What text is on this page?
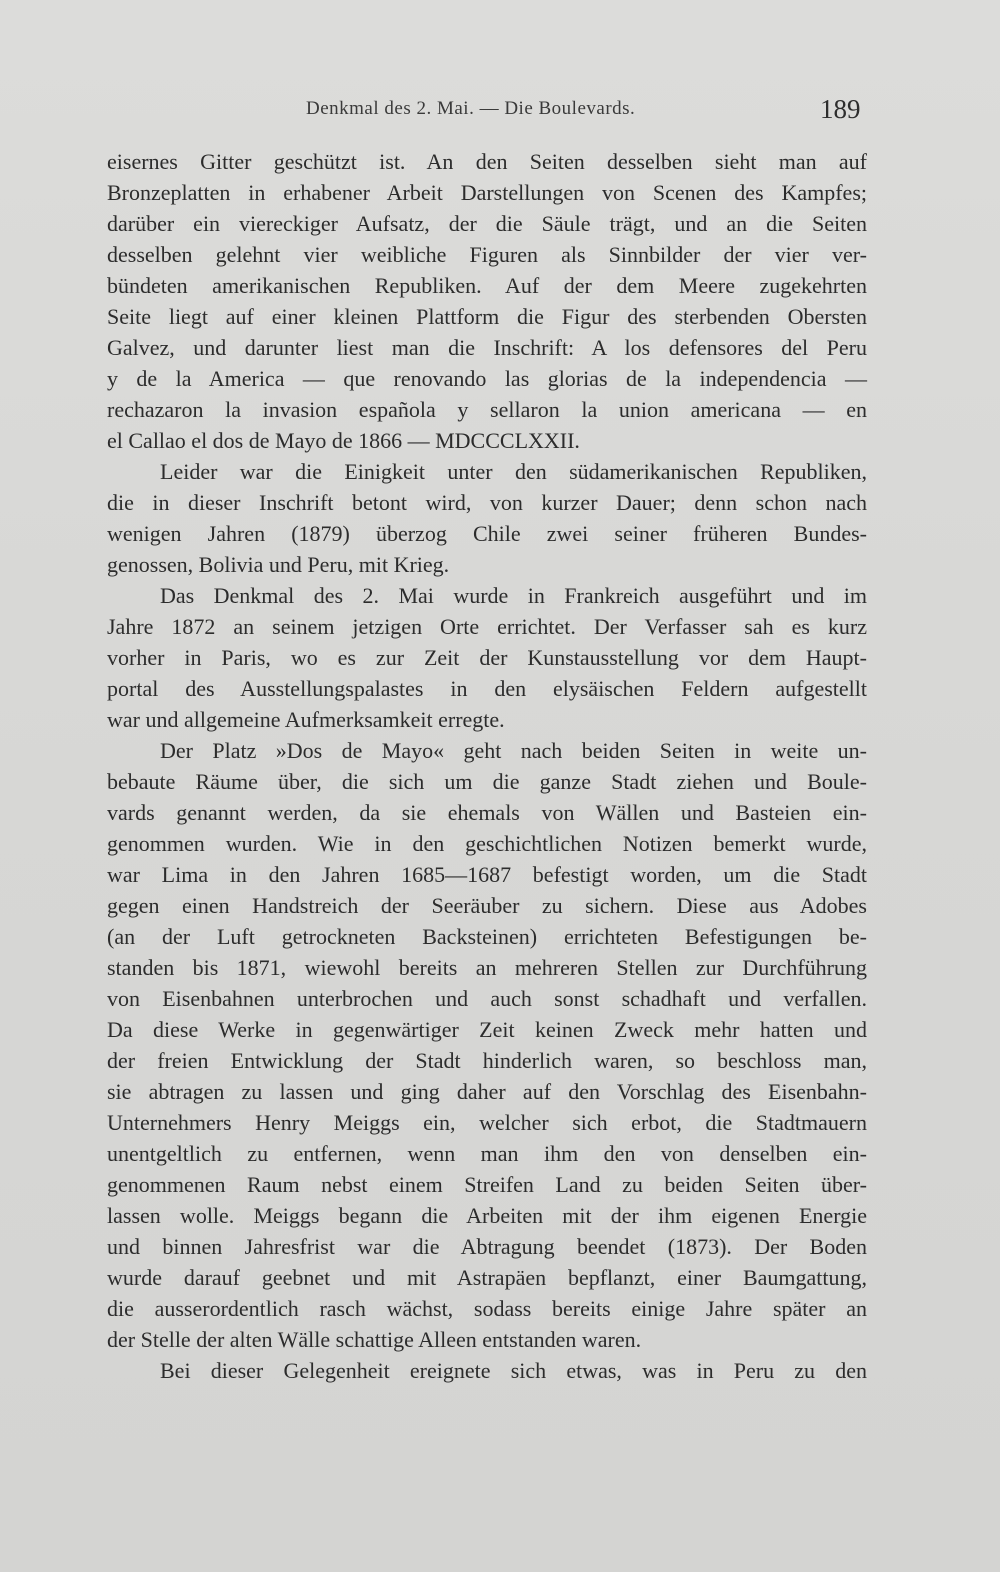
Denkmal des 2. Mai. — Die Boulevards.	189
eisernes Gitter geschützt ist. An den Seiten desselben sieht man auf
Bronzeplatten in erhabener Arbeit Darstellungen von Scenen des Kampfes;
darüber ein viereckiger Aufsatz, der die Säule trägt, und an die Seiten
desselben gelehnt vier weibliche Figuren als Sinnbilder der vier ver-
bündeten amerikanischen Republiken. Auf der dem Meere zugekehrten
Seite liegt auf einer kleinen Plattform die Figur des sterbenden Obersten
Galvez, und darunter liest man die Inschrift: A los defensores del Peru
y de la America — que renovando las glorias de la independencia —
rechazaron la invasion española y sellaron la union americana — en
el Callao el dos de Mayo de 1866 — MDCCCLXXII.
Leider war die Einigkeit unter den südamerikanischen Republiken,
die in dieser Inschrift betont wird, von kurzer Dauer; denn schon nach
wenigen Jahren (1879) überzog Chile zwei seiner früheren Bundes-
genossen, Bolivia und Peru, mit Krieg.
Das Denkmal des 2. Mai wurde in Frankreich ausgeführt und im
Jahre 1872 an seinem jetzigen Orte errichtet. Der Verfasser sah es kurz
vorher in Paris, wo es zur Zeit der Kunstausstellung vor dem Haupt-
portal des Ausstellungspalastes in den elysäischen Feldern aufgestellt
war und allgemeine Aufmerksamkeit erregte.
Der Platz »Dos de Mayo« geht nach beiden Seiten in weite un-
bebaute Räume über, die sich um die ganze Stadt ziehen und Boule-
vards genannt werden, da sie ehemals von Wällen und Basteien ein-
genommen wurden. Wie in den geschichtlichen Notizen bemerkt wurde,
war Lima in den Jahren 1685—1687 befestigt worden, um die Stadt
gegen einen Handstreich der Seeräuber zu sichern. Diese aus Adobes
(an der Luft getrockneten Backsteinen) errichteten Befestigungen be-
standen bis 1871, wiewohl bereits an mehreren Stellen zur Durchführung
von Eisenbahnen unterbrochen und auch sonst schadhaft und verfallen.
Da diese Werke in gegenwärtiger Zeit keinen Zweck mehr hatten und
der freien Entwicklung der Stadt hinderlich waren, so beschloss man,
sie abtragen zu lassen und ging daher auf den Vorschlag des Eisenbahn-
Unternehmers Henry Meiggs ein, welcher sich erbot, die Stadtmauern
unentgeltlich zu entfernen, wenn man ihm den von denselben ein-
genommenen Raum nebst einem Streifen Land zu beiden Seiten über-
lassen wolle. Meiggs begann die Arbeiten mit der ihm eigenen Energie
und binnen Jahresfrist war die Abtragung beendet (1873). Der Boden
wurde darauf geebnet und mit Astrapäen bepflanzt, einer Baumgattung,
die ausserordentlich rasch wächst, sodass bereits einige Jahre später an
der Stelle der alten Wälle schattige Alleen entstanden waren.
Bei dieser Gelegenheit ereignete sich etwas, was in Peru zu den
